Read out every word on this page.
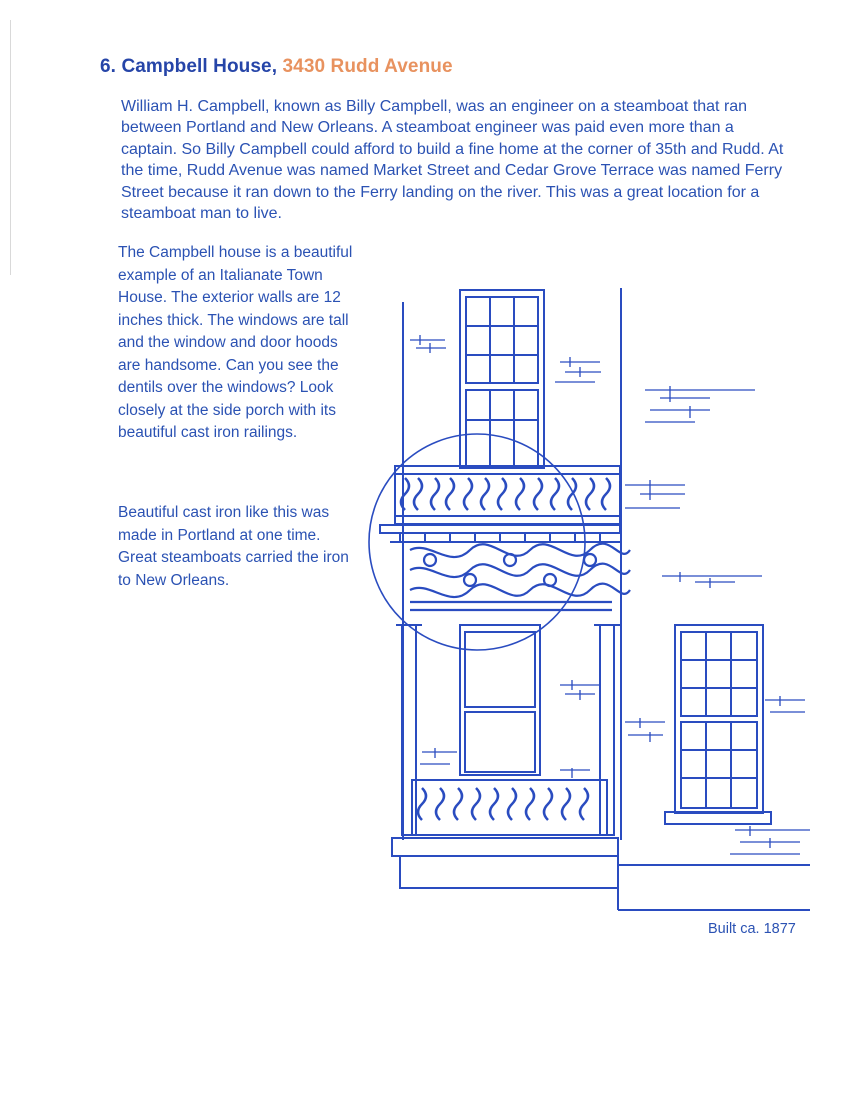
6. Campbell House, 3430 Rudd Avenue

William H. Campbell, known as Billy Campbell, was an engineer on a steamboat that ran between Portland and New Orleans. A steamboat engineer was paid even more than a captain. So Billy Campbell could afford to build a fine home at the corner of 35th and Rudd. At the time, Rudd Avenue was named Market Street and Cedar Grove Terrace was named Ferry Street because it ran down to the Ferry landing on the river. This was a great location for a steamboat man to live.

The Campbell house is a beautiful example of an Italianate Town House. The exterior walls are 12 inches thick. The windows are tall and the window and door hoods are handsome. Can you see the dentils over the windows? Look closely at the side porch with its beautiful cast iron railings.

Beautiful cast iron like this was made in Portland at one time. Great steamboats carried the iron to New Orleans.

Built ca. 1877
